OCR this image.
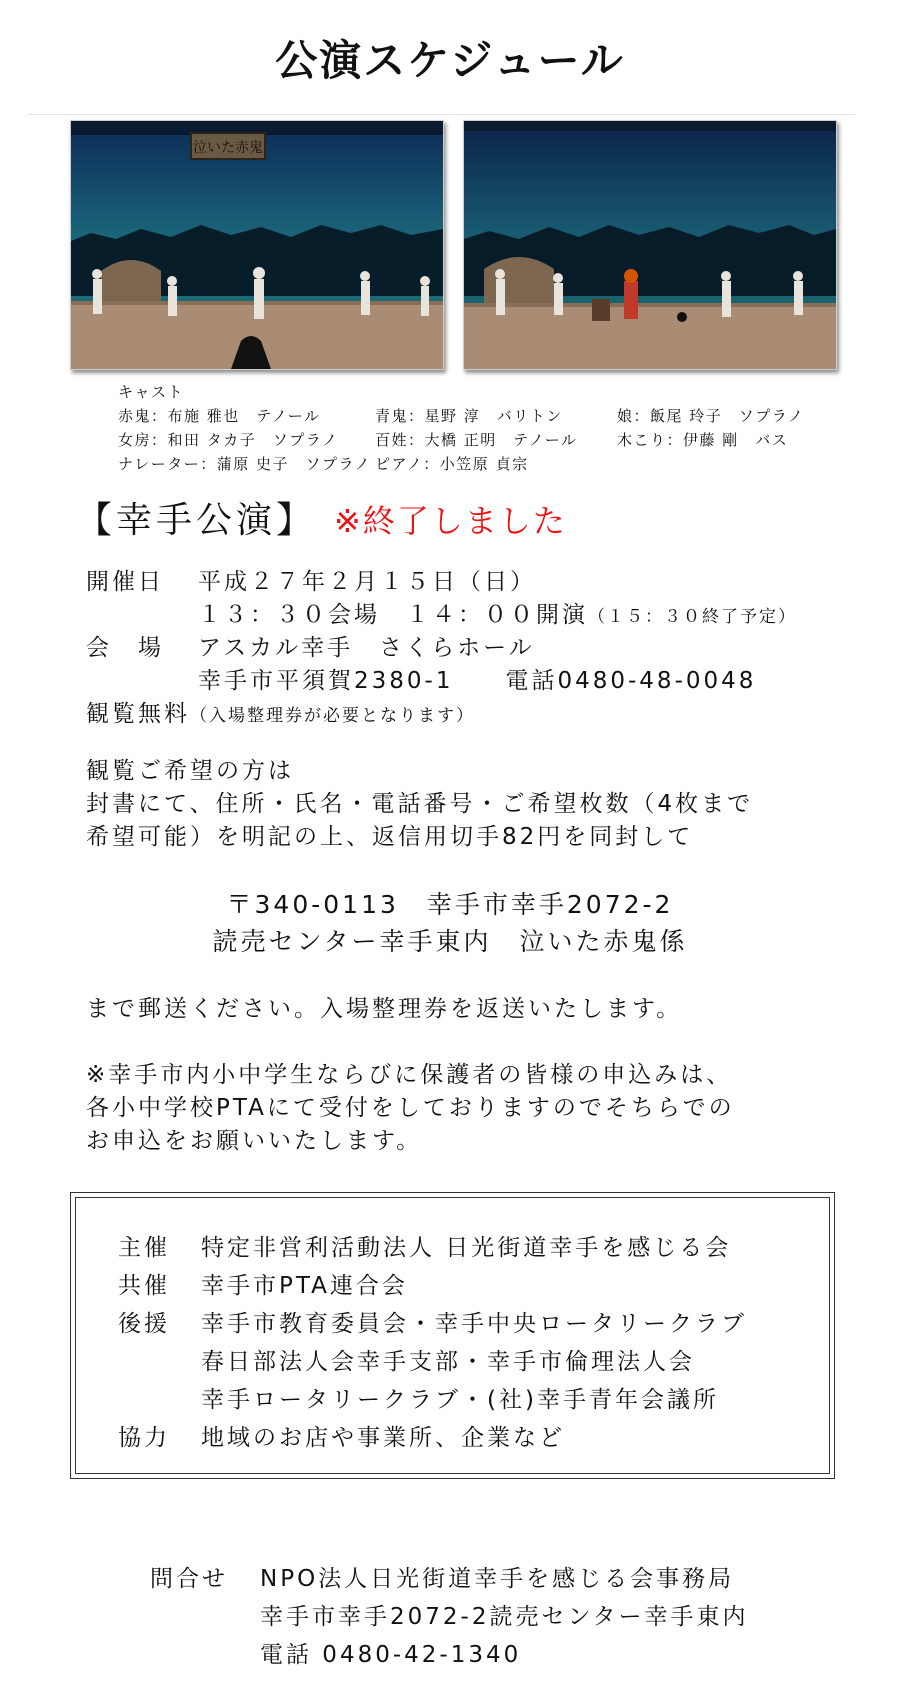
公演スケジュール
泣いた赤鬼
キャスト
赤鬼：布施 雅也　テノール	青鬼：星野 淳　バリトン	娘：飯尾 玲子　ソプラノ
女房：和田 タカ子　ソプラノ 百姓：大橋 正明　テノール	木こり：伊藤 剛　バス
ナレーター：蒲原 史子　ソプラノ ピアノ：小笠原 貞宗
【幸手公演】 ※終了しました
開催日 平成２７年２月１５日（日）
１３：３０会場　１４：００開演（１５：３０終了予定）
会　場 アスカル幸手　さくらホール
幸手市平須賀2380-1　　電話0480-48-0048
観覧無料（入場整理券が必要となります）
観覧ご希望の方は
封書にて、住所・氏名・電話番号・ご希望枚数（4枚まで
希望可能）を明記の上、返信用切手82円を同封して
〒340-0113　幸手市幸手2072-2
読売センター幸手東内　泣いた赤鬼係
まで郵送ください。入場整理券を返送いたします。
※幸手市内小中学生ならびに保護者の皆様の申込みは、
各小中学校PTAにて受付をしておりますのでそちらでの
お申込をお願いいたします。
主催 特定非営利活動法人 日光街道幸手を感じる会
共催 幸手市PTA連合会
後援 幸手市教育委員会・幸手中央ロータリークラブ
春日部法人会幸手支部・幸手市倫理法人会
幸手ロータリークラブ・(社)幸手青年会議所
協力 地域のお店や事業所、企業など
問合せ NPO法人日光街道幸手を感じる会事務局
幸手市幸手2072-2読売センター幸手東内
電話 0480-42-1340
